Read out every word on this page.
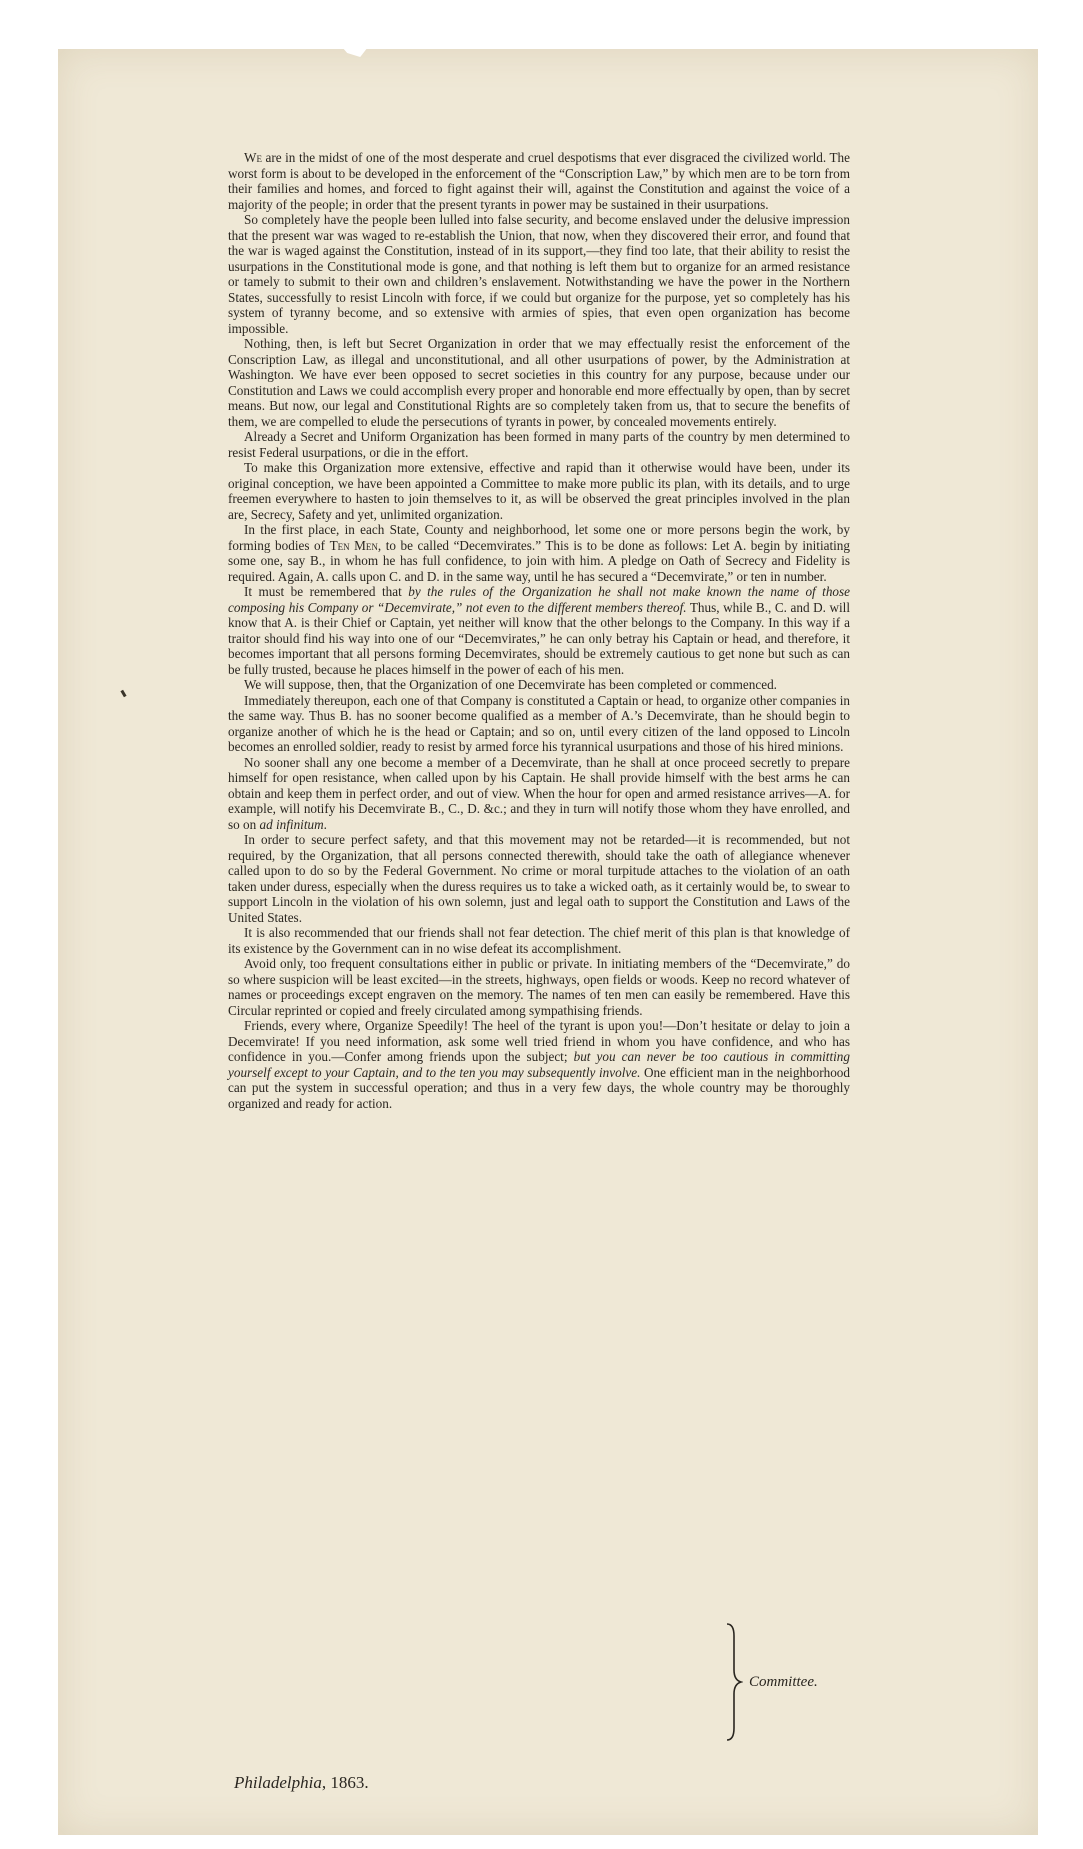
We are in the midst of one of the most desperate and cruel despotisms that ever disgraced the civilized world. The worst form is about to be developed in the enforcement of the “Conscription Law,” by which men are to be torn from their families and homes, and forced to fight against their will, against the Constitution and against the voice of a majority of the people; in order that the present tyrants in power may be sustained in their usurpations.

So completely have the people been lulled into false security, and become enslaved under the delusive impression that the present war was waged to re-establish the Union, that now, when they discovered their error, and found that the war is waged against the Constitution, instead of in its support,—they find too late, that their ability to resist the usurpations in the Constitutional mode is gone, and that nothing is left them but to organize for an armed resistance or tamely to submit to their own and children’s enslavement. Notwithstanding we have the power in the Northern States, successfully to resist Lincoln with force, if we could but organize for the purpose, yet so completely has his system of tyranny become, and so extensive with armies of spies, that even open organization has become impossible.

Nothing, then, is left but Secret Organization in order that we may effectually resist the enforcement of the Conscription Law, as illegal and unconstitutional, and all other usurpations of power, by the Administration at Washington. We have ever been opposed to secret societies in this country for any purpose, because under our Constitution and Laws we could accomplish every proper and honorable end more effectually by open, than by secret means. But now, our legal and Constitutional Rights are so completely taken from us, that to secure the benefits of them, we are compelled to elude the persecutions of tyrants in power, by concealed movements entirely.

Already a Secret and Uniform Organization has been formed in many parts of the country by men determined to resist Federal usurpations, or die in the effort.

To make this Organization more extensive, effective and rapid than it otherwise would have been, under its original conception, we have been appointed a Committee to make more public its plan, with its details, and to urge freemen everywhere to hasten to join themselves to it, as will be observed the great principles involved in the plan are, Secrecy, Safety and yet, unlimited organization.

In the first place, in each State, County and neighborhood, let some one or more persons begin the work, by forming bodies of Ten Men, to be called “Decemvirates.” This is to be done as follows: Let A. begin by initiating some one, say B., in whom he has full confidence, to join with him. A pledge on Oath of Secrecy and Fidelity is required. Again, A. calls upon C. and D. in the same way, until he has secured a “Decemvirate,” or ten in number.

It must be remembered that by the rules of the Organization he shall not make known the name of those composing his Company or “Decemvirate,” not even to the different members thereof. Thus, while B., C. and D. will know that A. is their Chief or Captain, yet neither will know that the other belongs to the Company. In this way if a traitor should find his way into one of our “Decemvirates,” he can only betray his Captain or head, and therefore, it becomes important that all persons forming Decemvirates, should be extremely cautious to get none but such as can be fully trusted, because he places himself in the power of each of his men.

We will suppose, then, that the Organization of one Decemvirate has been completed or commenced.

Immediately thereupon, each one of that Company is constituted a Captain or head, to organize other companies in the same way. Thus B. has no sooner become qualified as a member of A.’s Decemvirate, than he should begin to organize another of which he is the head or Captain; and so on, until every citizen of the land opposed to Lincoln becomes an enrolled soldier, ready to resist by armed force his tyrannical usurpations and those of his hired minions.

No sooner shall any one become a member of a Decemvirate, than he shall at once proceed secretly to prepare himself for open resistance, when called upon by his Captain. He shall provide himself with the best arms he can obtain and keep them in perfect order, and out of view. When the hour for open and armed resistance arrives—A. for example, will notify his Decemvirate B., C., D. &c.; and they in turn will notify those whom they have enrolled, and so on ad infinitum.

In order to secure perfect safety, and that this movement may not be retarded—it is recommended, but not required, by the Organization, that all persons connected therewith, should take the oath of allegiance whenever called upon to do so by the Federal Government. No crime or moral turpitude attaches to the violation of an oath taken under duress, especially when the duress requires us to take a wicked oath, as it certainly would be, to swear to support Lincoln in the violation of his own solemn, just and legal oath to support the Constitution and Laws of the United States.

It is also recommended that our friends shall not fear detection. The chief merit of this plan is that knowledge of its existence by the Government can in no wise defeat its accomplishment.

Avoid only, too frequent consultations either in public or private. In initiating members of the “Decemvirate,” do so where suspicion will be least excited—in the streets, highways, open fields or woods. Keep no record whatever of names or proceedings except engraven on the memory. The names of ten men can easily be remembered. Have this Circular reprinted or copied and freely circulated among sympathising friends.

Friends, every where, Organize Speedily! The heel of the tyrant is upon you!—Don’t hesitate or delay to join a Decemvirate! If you need information, ask some well tried friend in whom you have confidence, and who has confidence in you.—Confer among friends upon the subject; but you can never be too cautious in committing yourself except to your Captain, and to the ten you may subsequently involve. One efficient man in the neighborhood can put the system in successful operation; and thus in a very few days, the whole country may be thoroughly organized and ready for action.

Committee.
Philadelphia, 1863.
